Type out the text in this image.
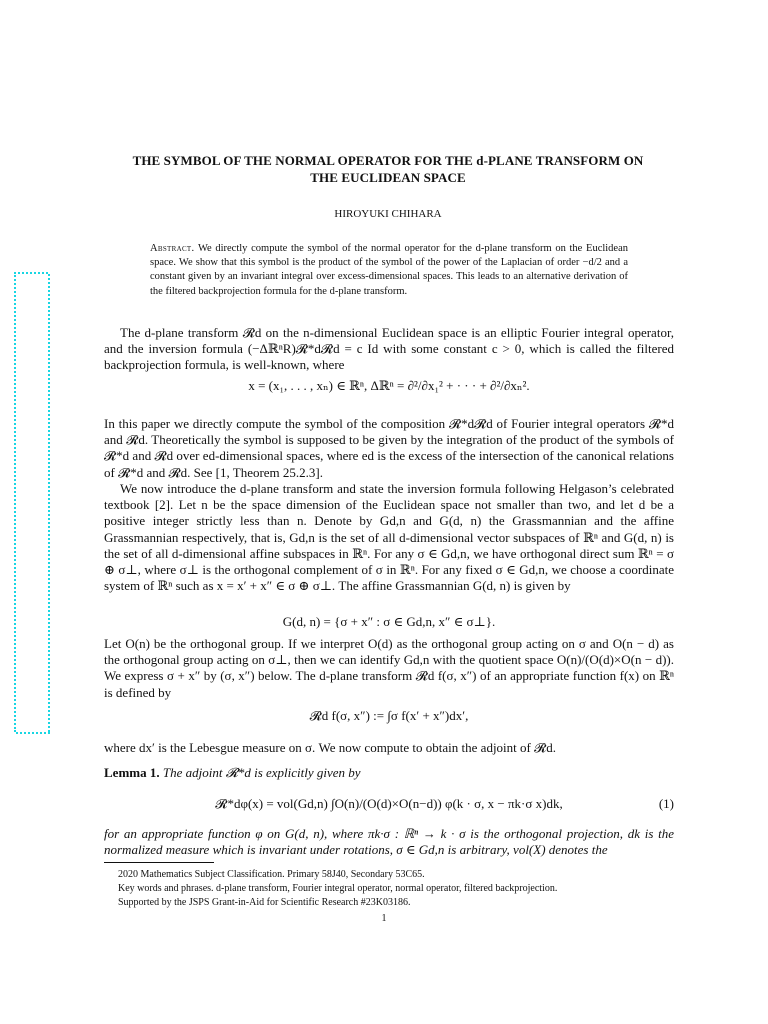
THE SYMBOL OF THE NORMAL OPERATOR FOR THE d-PLANE TRANSFORM ON
THE EUCLIDEAN SPACE
HIROYUKI CHIHARA
Abstract. We directly compute the symbol of the normal operator for the d-plane transform on the Euclidean space. We show that this symbol is the product of the symbol of the power of the Laplacian of order −d/2 and a constant given by an invariant integral over excess-dimensional spaces. This leads to an alternative derivation of the filtered backprojection formula for the d-plane transform.

The d-plane transform 𝓡d on the n-dimensional Euclidean space is an elliptic Fourier integral operator, and the inversion formula (−ΔℝⁿR)𝓡*d𝓡d = c Id with some constant c > 0, which is called the filtered backprojection formula, is well-known, where

x = (x₁, . . . , xₙ) ∈ ℝⁿ, Δℝⁿ = ∂²/∂x₁² + · · · + ∂²/∂xₙ².

In this paper we directly compute the symbol of the composition 𝓡*d𝓡d of Fourier integral operators 𝓡*d and 𝓡d. Theoretically the symbol is supposed to be given by the integration of the product of the symbols of 𝓡*d and 𝓡d over ed-dimensional spaces, where ed is the excess of the intersection of the canonical relations of 𝓡*d and 𝓡d. See [1, Theorem 25.2.3].

We now introduce the d-plane transform and state the inversion formula following Helgason’s celebrated textbook [2]. Let n be the space dimension of the Euclidean space not smaller than two, and let d be a positive integer strictly less than n. Denote by Gd,n and G(d, n) the Grassmannian and the affine Grassmannian respectively, that is, Gd,n is the set of all d-dimensional vector subspaces of ℝⁿ and G(d, n) is the set of all d-dimensional affine subspaces in ℝⁿ. For any σ ∈ Gd,n, we have orthogonal direct sum ℝⁿ = σ ⊕ σ⊥, where σ⊥ is the orthogonal complement of σ in ℝⁿ. For any fixed σ ∈ Gd,n, we choose a coordinate system of ℝⁿ such as x = x′ + x″ ∈ σ ⊕ σ⊥. The affine Grassmannian G(d, n) is given by

G(d, n) = {σ + x″ : σ ∈ Gd,n, x″ ∈ σ⊥}.

Let O(n) be the orthogonal group. If we interpret O(d) as the orthogonal group acting on σ and O(n − d) as the orthogonal group acting on σ⊥, then we can identify Gd,n with the quotient space O(n)/(O(d)×O(n − d)). We express σ + x″ by (σ, x″) below. The d-plane transform 𝓡d f(σ, x″) of an appropriate function f(x) on ℝⁿ is defined by

𝓡d f(σ, x″) := ∫σ f(x′ + x″)dx′,

where dx′ is the Lebesgue measure on σ. We now compute to obtain the adjoint of 𝓡d.

Lemma 1. The adjoint 𝓡*d is explicitly given by
𝓡*dφ(x) = vol(Gd,n) ∫O(n)/(O(d)×O(n−d)) φ(k · σ, x − πk·σ x)dk,	(1)
for an appropriate function φ on G(d, n), where πk·σ : ℝⁿ → k · σ is the orthogonal projection, dk is the normalized measure which is invariant under rotations, σ ∈ Gd,n is arbitrary, vol(X) denotes the
2020 Mathematics Subject Classification. Primary 58J40, Secondary 53C65.
Key words and phrases. d-plane transform, Fourier integral operator, normal operator, filtered backprojection.
Supported by the JSPS Grant-in-Aid for Scientific Research #23K03186.
1
